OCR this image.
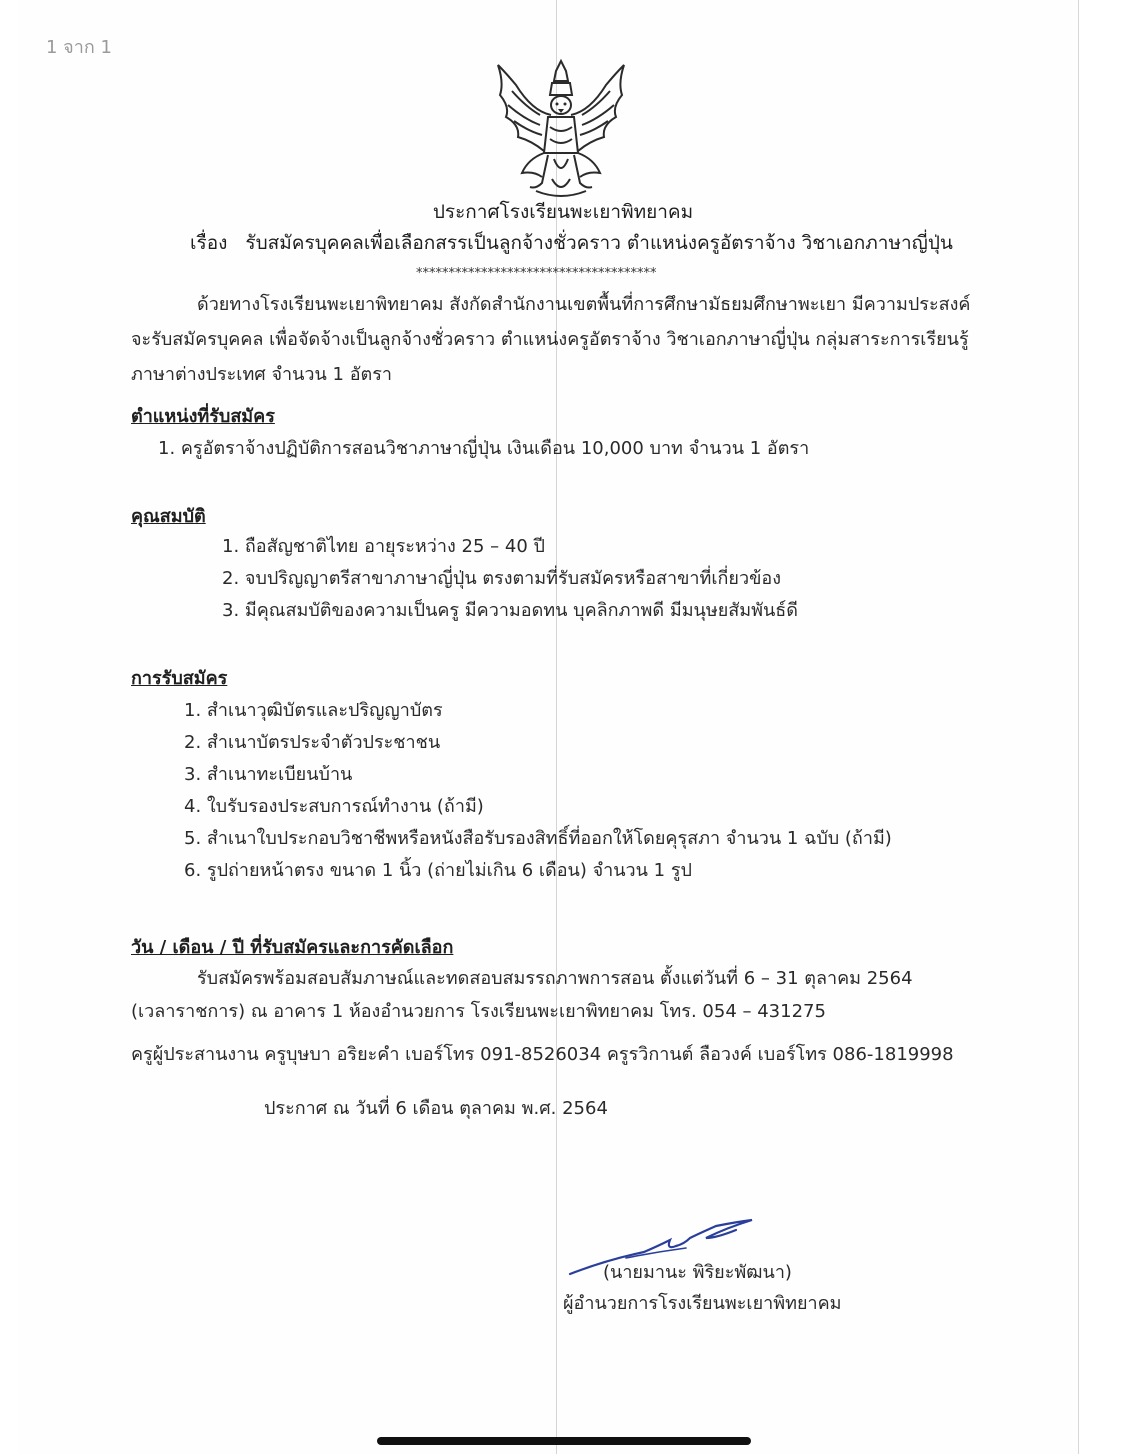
1 จาก 1
ประกาศโรงเรียนพะเยาพิทยาคม
เรื่อง รับสมัครบุคคลเพื่อเลือกสรรเป็นลูกจ้างชั่วคราว ตำแหน่งครูอัตราจ้าง วิชาเอกภาษาญี่ปุ่น
*************************************
ด้วยทางโรงเรียนพะเยาพิทยาคม สังกัดสำนักงานเขตพื้นที่การศึกษามัธยมศึกษาพะเยา มีความประสงค์
จะรับสมัครบุคคล เพื่อจัดจ้างเป็นลูกจ้างชั่วคราว ตำแหน่งครูอัตราจ้าง วิชาเอกภาษาญี่ปุ่น กลุ่มสาระการเรียนรู้
ภาษาต่างประเทศ จำนวน 1 อัตรา
ตำแหน่งที่รับสมัคร
1. ครูอัตราจ้างปฏิบัติการสอนวิชาภาษาญี่ปุ่น เงินเดือน 10,000 บาท จำนวน 1 อัตรา
คุณสมบัติ
1. ถือสัญชาติไทย อายุระหว่าง 25 – 40 ปี
2. จบปริญญาตรีสาขาภาษาญี่ปุ่น ตรงตามที่รับสมัครหรือสาขาที่เกี่ยวข้อง
3. มีคุณสมบัติของความเป็นครู มีความอดทน บุคลิกภาพดี มีมนุษยสัมพันธ์ดี
การรับสมัคร
1. สำเนาวุฒิบัตรและปริญญาบัตร
2. สำเนาบัตรประจำตัวประชาชน
3. สำเนาทะเบียนบ้าน
4. ใบรับรองประสบการณ์ทำงาน (ถ้ามี)
5. สำเนาใบประกอบวิชาชีพหรือหนังสือรับรองสิทธิ์ที่ออกให้โดยคุรุสภา จำนวน 1 ฉบับ (ถ้ามี)
6. รูปถ่ายหน้าตรง ขนาด 1 นิ้ว (ถ่ายไม่เกิน 6 เดือน) จำนวน 1 รูป
วัน / เดือน / ปี ที่รับสมัครและการคัดเลือก
รับสมัครพร้อมสอบสัมภาษณ์และทดสอบสมรรถภาพการสอน ตั้งแต่วันที่ 6 – 31 ตุลาคม 2564
(เวลาราชการ) ณ อาคาร 1 ห้องอำนวยการ โรงเรียนพะเยาพิทยาคม โทร. 054 – 431275
ครูผู้ประสานงาน ครูบุษบา อริยะคำ เบอร์โทร 091-8526034 ครูรวิกานต์ ลือวงค์ เบอร์โทร 086-1819998
ประกาศ ณ วันที่ 6 เดือน ตุลาคม พ.ศ. 2564
(นายมานะ พิริยะพัฒนา)
ผู้อำนวยการโรงเรียนพะเยาพิทยาคม
